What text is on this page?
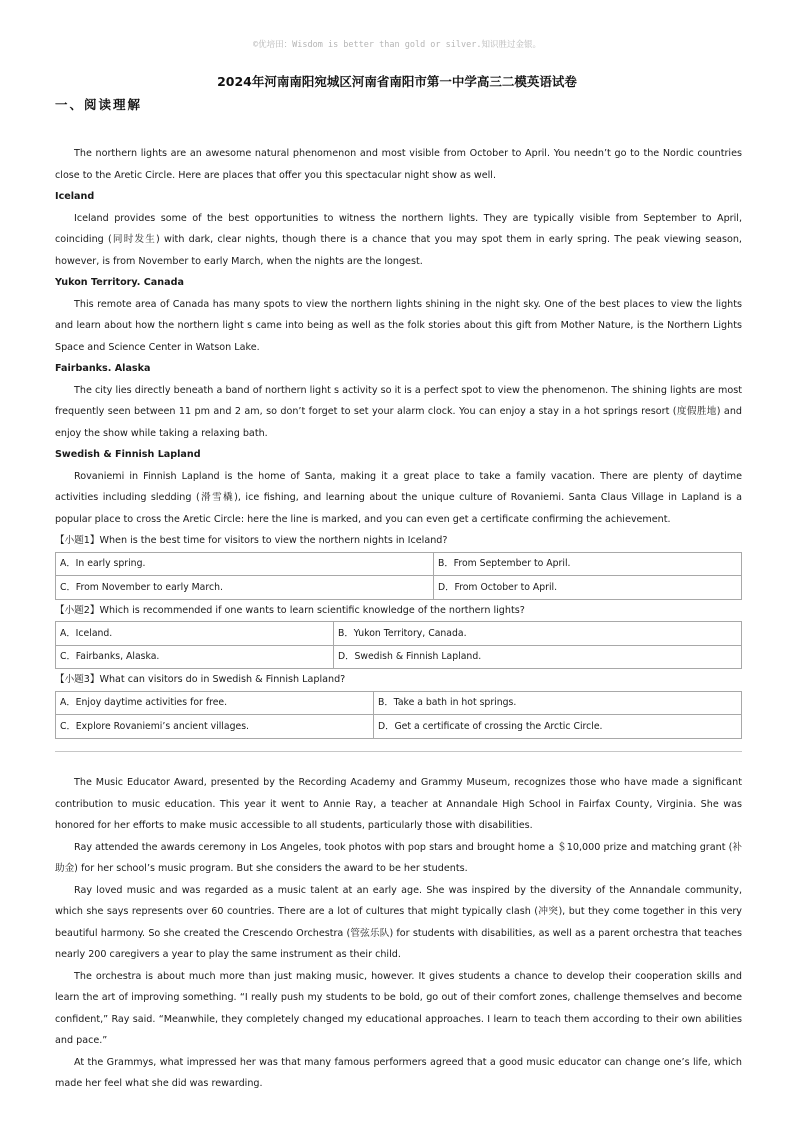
©优培田：Wisdom is better than gold or silver.知识胜过金银。
2024年河南南阳宛城区河南省南阳市第一中学高三二模英语试卷
一、阅读理解

The northern lights are an awesome natural phenomenon and most visible from October to April. You needn’t go to the Nordic countries close to the Aretic Circle. Here are places that offer you this spectacular night show as well.

Iceland

Iceland provides some of the best opportunities to witness the northern lights. They are typically visible from September to April, coinciding (同时发生) with dark, clear nights, though there is a chance that you may spot them in early spring. The peak viewing season, however, is from November to early March, when the nights are the longest.

Yukon Territory. Canada

This remote area of Canada has many spots to view the northern lights shining in the night sky. One of the best places to view the lights and learn about how the northern light s came into being as well as the folk stories about this gift from Mother Nature, is the Northern Lights Space and Science Center in Watson Lake.

Fairbanks. Alaska

The city lies directly beneath a band of northern light s activity so it is a perfect spot to view the phenomenon. The shining lights are most frequently seen between 11 pm and 2 am, so don’t forget to set your alarm clock. You can enjoy a stay in a hot springs resort (度假胜地) and enjoy the show while taking a relaxing bath.

Swedish & Finnish Lapland

Rovaniemi in Finnish Lapland is the home of Santa, making it a great place to take a family vacation. There are plenty of daytime activities including sledding (滑雪橇), ice fishing, and learning about the unique culture of Rovaniemi. Santa Claus Village in Lapland is a popular place to cross the Aretic Circle: here the line is marked, and you can even get a certificate confirming the achievement.

【小题1】When is the best time for visitors to view the northern nights in Iceland?

A．In early spring.	B．From September to April.
C．From November to early March.	D．From October to April.

【小题2】Which is recommended if one wants to learn scientific knowledge of the northern lights?

A．Iceland.	B．Yukon Territory, Canada.
C．Fairbanks, Alaska.	D．Swedish & Finnish Lapland.

【小题3】What can visitors do in Swedish & Finnish Lapland?

A．Enjoy daytime activities for free.	B．Take a bath in hot springs.
C．Explore Rovaniemi’s ancient villages.	D．Get a certificate of crossing the Arctic Circle.

The Music Educator Award, presented by the Recording Academy and Grammy Museum, recognizes those who have made a significant contribution to music education. This year it went to Annie Ray, a teacher at Annandale High School in Fairfax County, Virginia. She was honored for her efforts to make music accessible to all students, particularly those with disabilities.

Ray attended the awards ceremony in Los Angeles, took photos with pop stars and brought home a ＄10,000 prize and matching grant (补助金) for her school’s music program. But she considers the award to be her students.

Ray loved music and was regarded as a music talent at an early age. She was inspired by the diversity of the Annandale community, which she says represents over 60 countries. There are a lot of cultures that might typically clash (冲突), but they come together in this very beautiful harmony. So she created the Crescendo Orchestra (管弦乐队) for students with disabilities, as well as a parent orchestra that teaches nearly 200 caregivers a year to play the same instrument as their child.

The orchestra is about much more than just making music, however. It gives students a chance to develop their cooperation skills and learn the art of improving something. “I really push my students to be bold, go out of their comfort zones, challenge themselves and become confident,” Ray said. “Meanwhile, they completely changed my educational approaches. I learn to teach them according to their own abilities and pace.”

At the Grammys, what impressed her was that many famous performers agreed that a good music educator can change one’s life, which made her feel what she did was rewarding.
